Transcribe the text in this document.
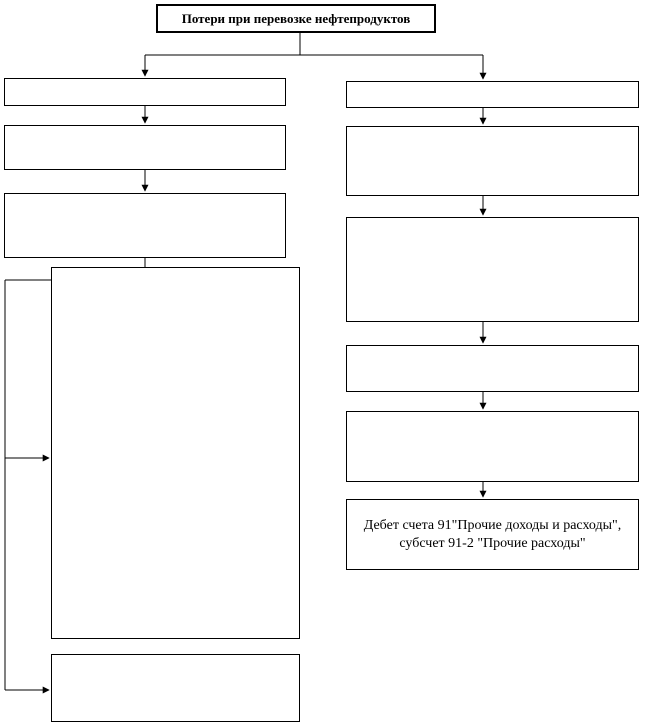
Потери при перевозке нефтепродуктов
Дебет счета 91"Прочие доходы и расходы", субсчет 91-2 "Прочие расходы"
